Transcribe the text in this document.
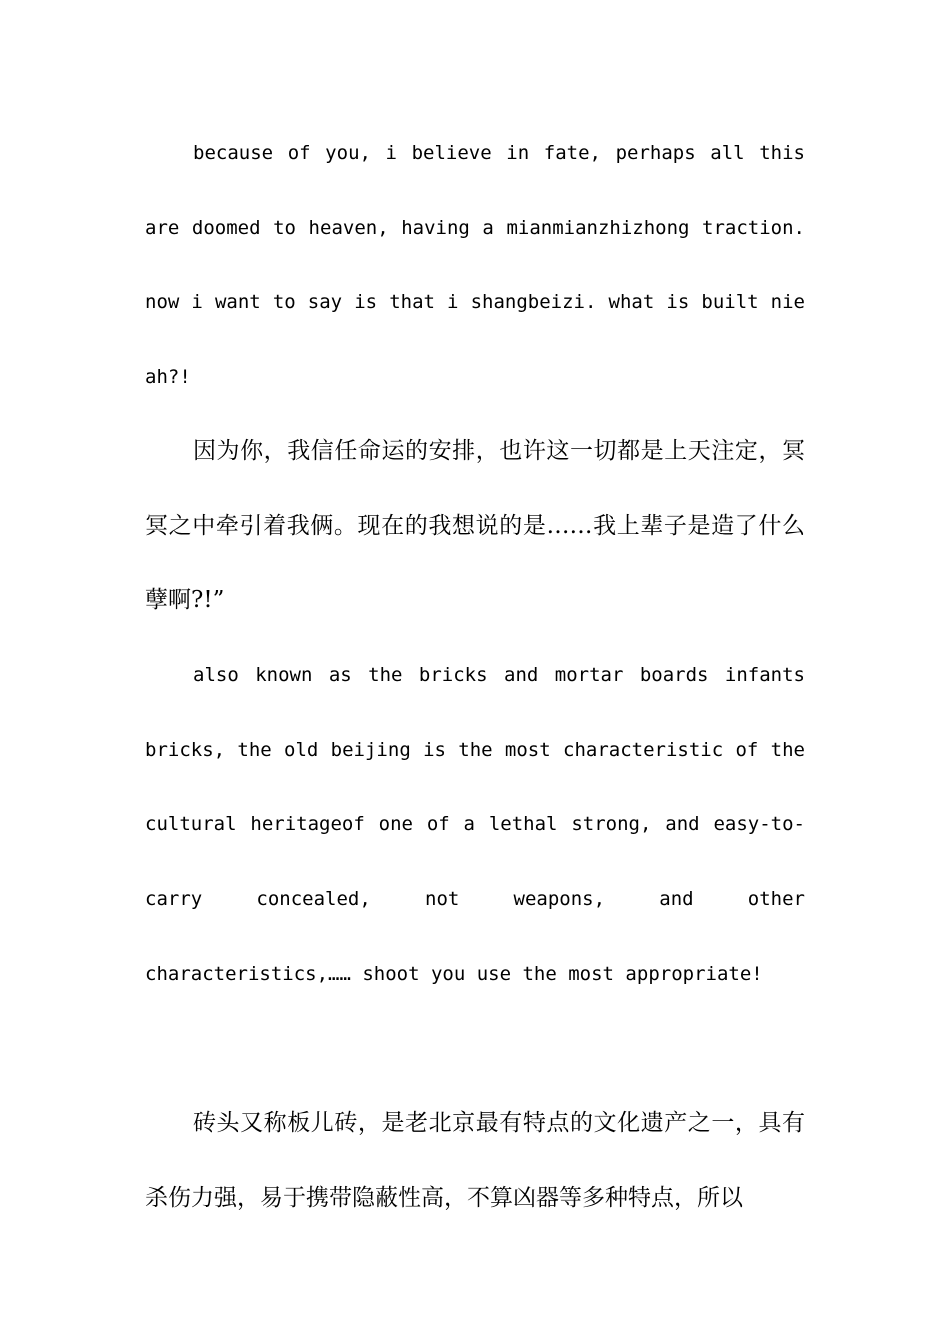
because of you, i believe in fate, perhaps all this are doomed to heaven, having a mianmianzhizhong traction. now i want to say is that i shangbeizi. what is built nie ah?!

因为你，我信任命运的安排，也许这一切都是上天注定，冥冥之中牵引着我俩。现在的我想说的是……我上辈子是造了什么孽啊?!”

also known as the bricks and mortar boards infants bricks, the old beijing is the most characteristic of the cultural heritageof one of a lethal strong, and easy-to-carry concealed, not weapons, and other characteristics,…… shoot you use the most appropriate!

砖头又称板儿砖，是老北京最有特点的文化遗产之一，具有杀伤力强，易于携带隐蔽性高，不算凶器等多种特点，所以
